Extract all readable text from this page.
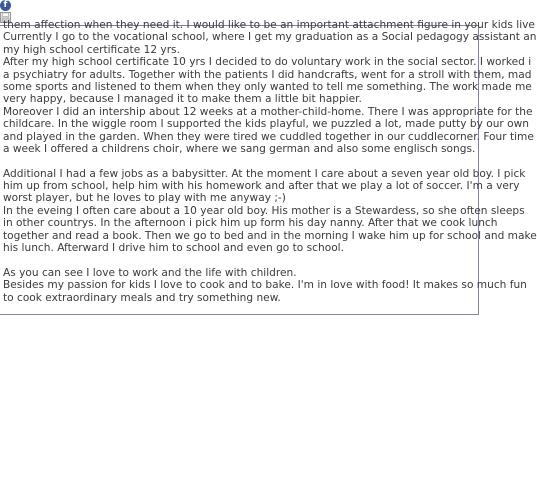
f
them affection when they need it. I would like to be an important attachment figure in your kids live
Currently I go to the vocational school, where I get my graduation as a Social pedagogy assistant an
my high school certificate 12 yrs.
After my high school certificate 10 yrs I decided to do voluntary work in the social sector. I worked i
a psychiatry for adults. Together with the patients I did handcrafts, went for a stroll with them, mad
some sports and listened to them when they only wanted to tell me something. The work made me
very happy, because I managed it to make them a little bit happier.
Moreover I did an intership about 12 weeks at a mother-child-home. There I was appropriate for the
childcare. In the wiggle room I supported the kids playful, we puzzled a lot, made putty by our own
and played in the garden. When they were tired we cuddled together in our cuddlecorner. Four time
a week I offered a childrens choir, where we sang german and also some englisch songs.
Additional I had a few jobs as a babysitter. At the moment I care about a seven year old boy. I pick
him up from school, help him with his homework and after that we play a lot of soccer. I'm a very
worst player, but he loves to play with me anyway ;-)
In the eveing I often care about a 10 year old boy. His mother is a Stewardess, so she often sleeps
in other countrys. In the afternoon i pick him up form his day nanny. After that we cook lunch
together and read a book. Then we go to bed and in the morning I wake him up for school and make
his lunch. Afterward I drive him to school and even go to school.
As you can see I love to work and the life with children.
Besides my passion for kids I love to cook and to bake. I'm in love with food! It makes so much fun
to cook extraordinary meals and try something new.
